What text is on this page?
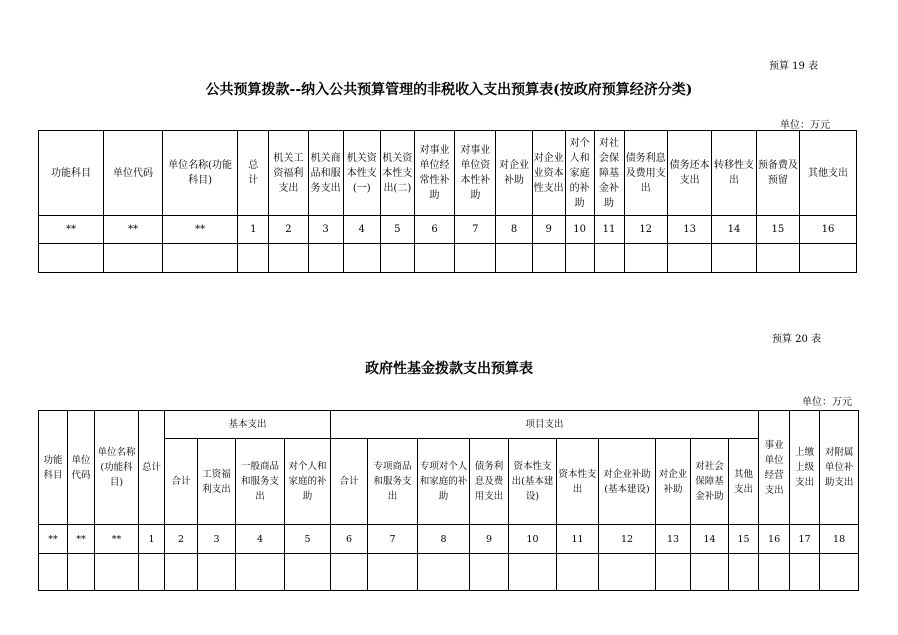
预算 19 表
公共预算拨款--纳入公共预算管理的非税收入支出预算表(按政府预算经济分类)
单位：万元
功能科目	单位代码	单位名称(功能科目)	总　计	机关工资福利支出	机关商品和服务支出	机关资本性支(一)	机关资本性支出(二)	对事业单位经常性补助	对事业单位资本性补助	对企业补助	对企业业资本性支出	对个人和家庭的补助	对社会保障基金补助	债务利息及费用支出	债务还本支出	转移性支出	预备费及预留	其他支出
**	**	**	1	2	3	4	5	6	7	8	9	10	11	12	13	14	15	16

预算 20 表
政府性基金拨款支出预算表
单位：万元
功能科目	单位代码	单位名称(功能科目)	总计	基本支出				项目支出										事业单位经营支出	上缴上级支出	对附属单位补助支出
				合计	工资福利支出	一般商品和服务支出	对个人和家庭的补助	合计	专项商品和服务支出	专项对个人和家庭的补助	债务利息及费用支出	资本性支出(基本建设)	资本性支出	对企业补助(基本建设)	对企业补助	对社会保障基金补助	其他支出			
**	**	**	1	2	3	4	5	6	7	8	9	10	11	12	13	14	15	16	17	18
